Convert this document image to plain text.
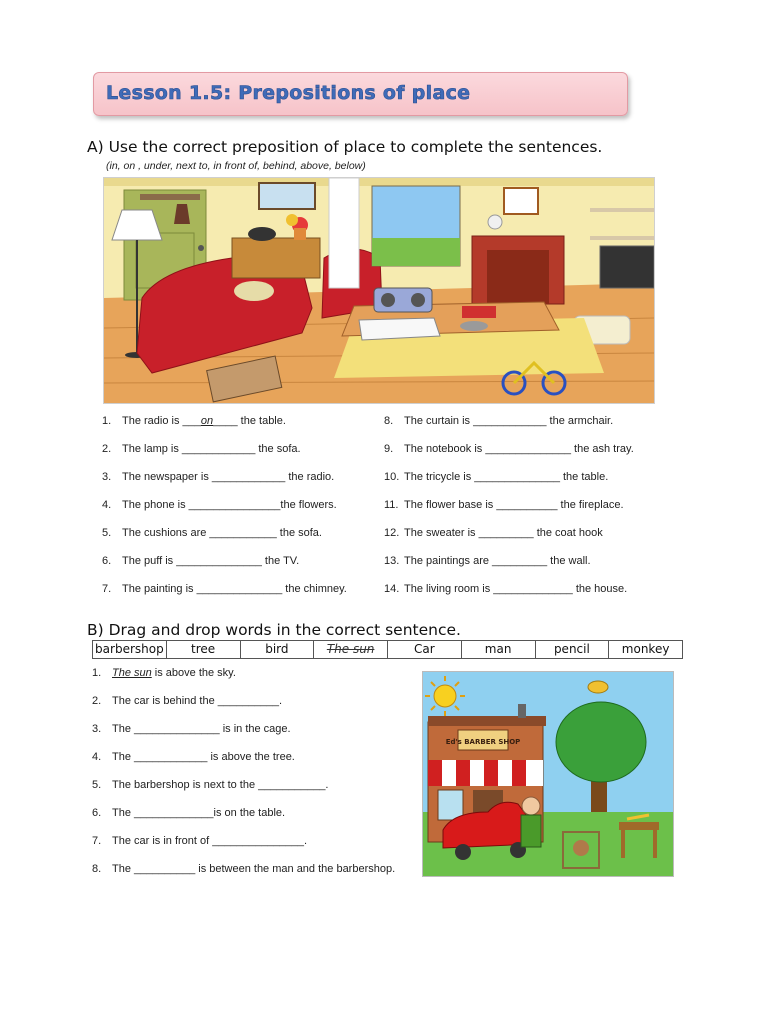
Lesson 1.5: Prepositions of place
A) Use the correct preposition of place to complete the sentences.
(in, on , under, next to, in front of, behind, above, below)
1. The radio is ___on____ the table.
2. The lamp is ____________ the sofa.
3. The newspaper is ____________ the radio.
4. The phone is _______________the flowers.
5. The cushions are ___________ the sofa.
6. The puff is ______________ the TV.
7. The painting is ______________ the chimney.
8. The curtain is ____________ the armchair.
9. The notebook is ______________ the ash tray.
10. The tricycle is ______________ the table.
11. The flower base is __________ the fireplace.
12. The sweater is _________ the coat hook
13. The paintings are _________ the wall.
14. The living room is _____________ the house.
B) Drag and drop words in the correct sentence.
barbershop	tree	bird	The sun	Car	man	pencil	monkey
1. The sun is above the sky.
2. The car is behind the __________.
3. The ______________ is in the cage.
4. The ____________ is above the tree.
5. The barbershop is next to the ___________.
6. The _____________is on the table.
7. The car is in front of _______________.
8. The __________ is between the man and the barbershop.
Ed's BARBER SHOP
